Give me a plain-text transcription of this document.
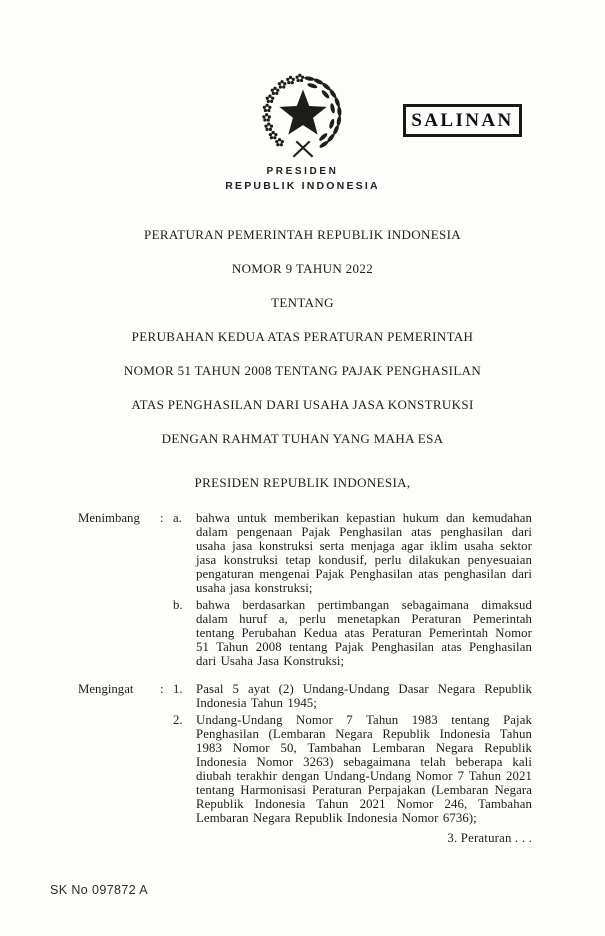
SALINAN
PRESIDEN
REPUBLIK INDONESIA

PERATURAN PEMERINTAH REPUBLIK INDONESIA

NOMOR 9 TAHUN 2022

TENTANG

PERUBAHAN KEDUA ATAS PERATURAN PEMERINTAH

NOMOR 51 TAHUN 2008 TENTANG PAJAK PENGHASILAN

ATAS PENGHASILAN DARI USAHA JASA KONSTRUKSI

DENGAN RAHMAT TUHAN YANG MAHA ESA
PRESIDEN REPUBLIK INDONESIA,
Menimbang	: a.	bahwa untuk memberikan kepastian hukum dan kemudahan dalam pengenaan Pajak Penghasilan atas penghasilan dari usaha jasa konstruksi serta menjaga agar iklim usaha sektor jasa konstruksi tetap kondusif, perlu dilakukan penyesuaian pengaturan mengenai Pajak Penghasilan atas penghasilan dari usaha jasa konstruksi;

b.	bahwa berdasarkan pertimbangan sebagaimana dimaksud dalam huruf a, perlu menetapkan Peraturan Pemerintah tentang Perubahan Kedua atas Peraturan Pemerintah Nomor 51 Tahun 2008 tentang Pajak Penghasilan atas Penghasilan dari Usaha Jasa Konstruksi;

Mengingat	: 1.	Pasal 5 ayat (2) Undang-Undang Dasar Negara Republik Indonesia Tahun 1945;

2.	Undang-Undang Nomor 7 Tahun 1983 tentang Pajak Penghasilan (Lembaran Negara Republik Indonesia Tahun 1983 Nomor 50, Tambahan Lembaran Negara Republik Indonesia Nomor 3263) sebagaimana telah beberapa kali diubah terakhir dengan Undang-Undang Nomor 7 Tahun 2021 tentang Harmonisasi Peraturan Perpajakan (Lembaran Negara Republik Indonesia Tahun 2021 Nomor 246, Tambahan Lembaran Negara Republik Indonesia Nomor 6736);

3. Peraturan . . .
SK No 097872 A
